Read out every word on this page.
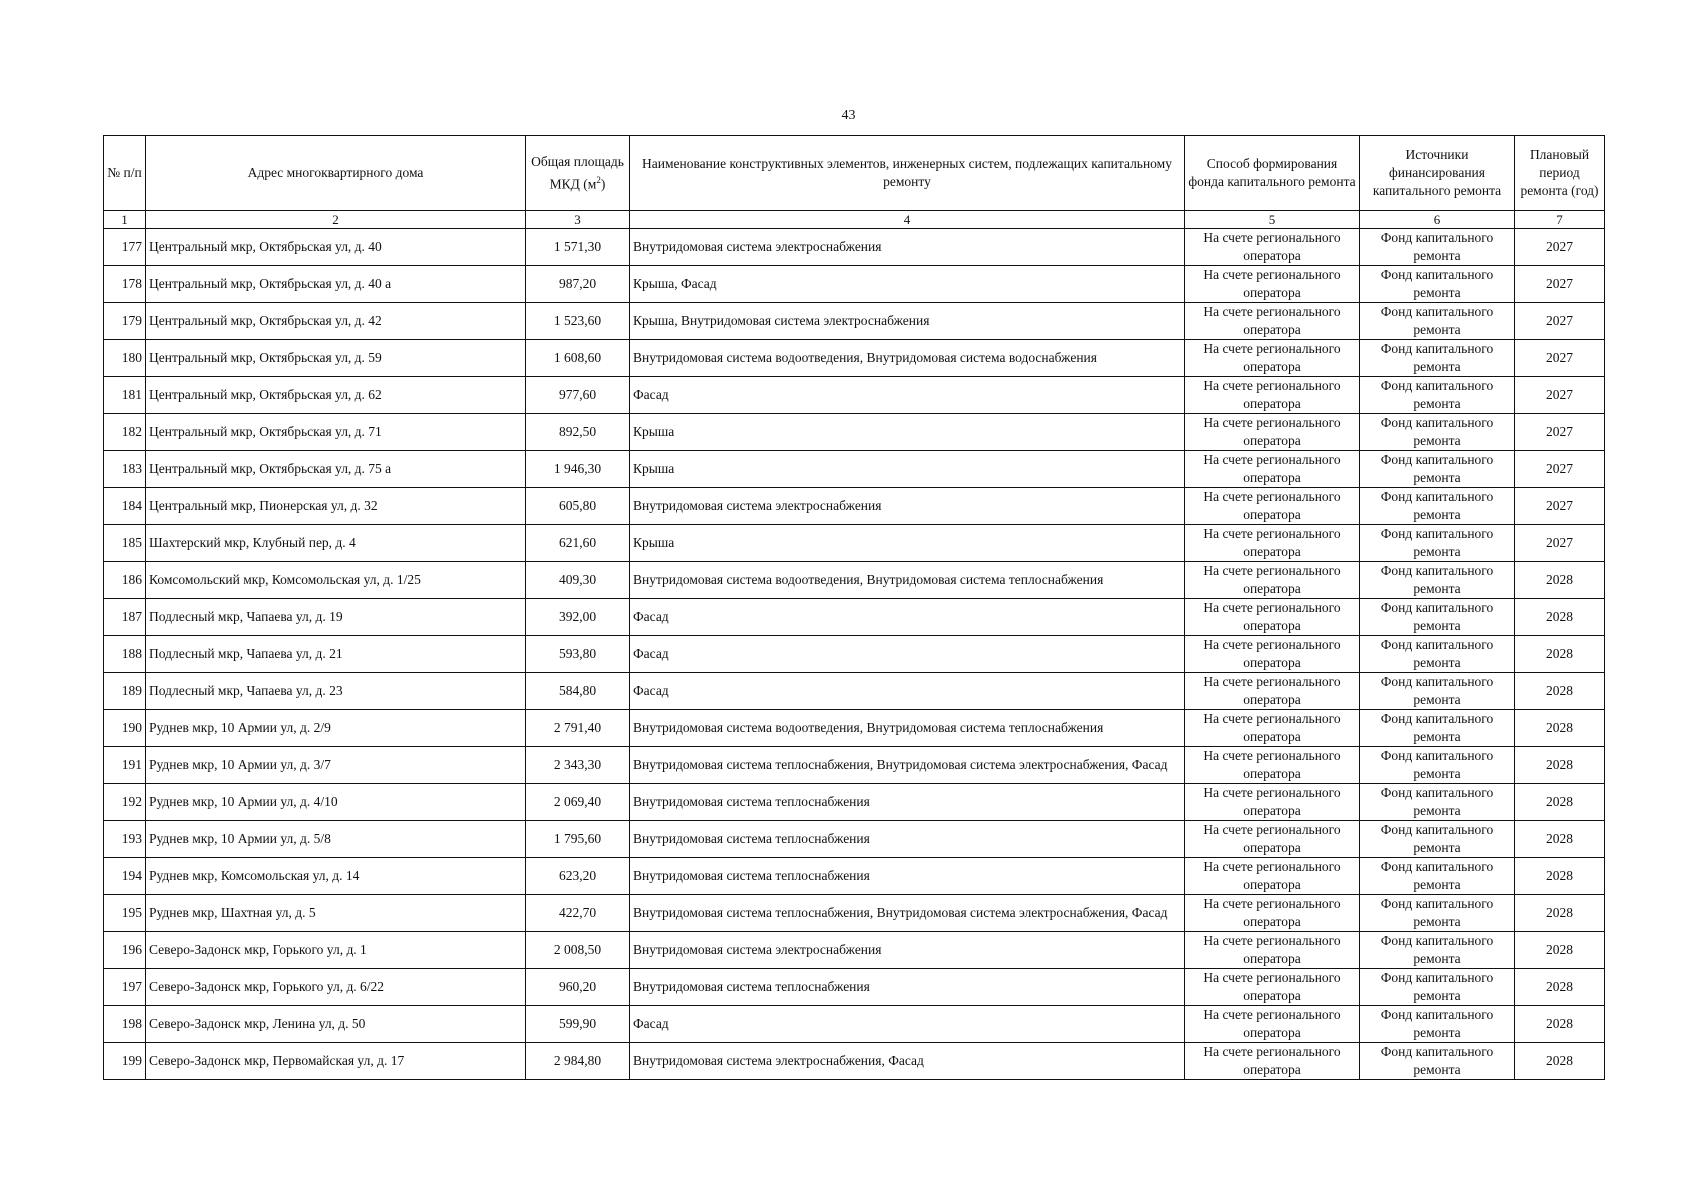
43
№ п/п	Адрес многоквартирного дома	Общая площадь МКД $(м^2)$	Наименование конструктивных элементов, инженерных систем, подлежащих капитальному ремонту	Способ формирования фонда капитального ремонта	Источники финансирования капитального ремонта	Плановый период ремонта (год)
1	2	3	4	5	6	7
177	Центральный мкр, Октябрьская ул, д. 40	1 571,30	Внутридомовая система электроснабжения	На счете регионального оператора	Фонд капитального ремонта	2027
178	Центральный мкр, Октябрьская ул, д. 40 а	987,20	Крыша, Фасад	На счете регионального оператора	Фонд капитального ремонта	2027
179	Центральный мкр, Октябрьская ул, д. 42	1 523,60	Крыша, Внутридомовая система электроснабжения	На счете регионального оператора	Фонд капитального ремонта	2027
180	Центральный мкр, Октябрьская ул, д. 59	1 608,60	Внутридомовая система водоотведения, Внутридомовая система водоснабжения	На счете регионального оператора	Фонд капитального ремонта	2027
181	Центральный мкр, Октябрьская ул, д. 62	977,60	Фасад	На счете регионального оператора	Фонд капитального ремонта	2027
182	Центральный мкр, Октябрьская ул, д. 71	892,50	Крыша	На счете регионального оператора	Фонд капитального ремонта	2027
183	Центральный мкр, Октябрьская ул, д. 75 а	1 946,30	Крыша	На счете регионального оператора	Фонд капитального ремонта	2027
184	Центральный мкр, Пионерская ул, д. 32	605,80	Внутридомовая система электроснабжения	На счете регионального оператора	Фонд капитального ремонта	2027
185	Шахтерский мкр, Клубный пер, д. 4	621,60	Крыша	На счете регионального оператора	Фонд капитального ремонта	2027
186	Комсомольский мкр, Комсомольская ул, д. 1/25	409,30	Внутридомовая система водоотведения, Внутридомовая система теплоснабжения	На счете регионального оператора	Фонд капитального ремонта	2028
187	Подлесный мкр, Чапаева ул, д. 19	392,00	Фасад	На счете регионального оператора	Фонд капитального ремонта	2028
188	Подлесный мкр, Чапаева ул, д. 21	593,80	Фасад	На счете регионального оператора	Фонд капитального ремонта	2028
189	Подлесный мкр, Чапаева ул, д. 23	584,80	Фасад	На счете регионального оператора	Фонд капитального ремонта	2028
190	Руднев мкр, 10 Армии ул, д. 2/9	2 791,40	Внутридомовая система водоотведения, Внутридомовая система теплоснабжения	На счете регионального оператора	Фонд капитального ремонта	2028
191	Руднев мкр, 10 Армии ул, д. 3/7	2 343,30	Внутридомовая система теплоснабжения, Внутридомовая система электроснабжения, Фасад	На счете регионального оператора	Фонд капитального ремонта	2028
192	Руднев мкр, 10 Армии ул, д. 4/10	2 069,40	Внутридомовая система теплоснабжения	На счете регионального оператора	Фонд капитального ремонта	2028
193	Руднев мкр, 10 Армии ул, д. 5/8	1 795,60	Внутридомовая система теплоснабжения	На счете регионального оператора	Фонд капитального ремонта	2028
194	Руднев мкр, Комсомольская ул, д. 14	623,20	Внутридомовая система теплоснабжения	На счете регионального оператора	Фонд капитального ремонта	2028
195	Руднев мкр, Шахтная ул, д. 5	422,70	Внутридомовая система теплоснабжения, Внутридомовая система электроснабжения, Фасад	На счете регионального оператора	Фонд капитального ремонта	2028
196	Северо-Задонск мкр, Горького ул, д. 1	2 008,50	Внутридомовая система электроснабжения	На счете регионального оператора	Фонд капитального ремонта	2028
197	Северо-Задонск мкр, Горького ул, д. 6/22	960,20	Внутридомовая система теплоснабжения	На счете регионального оператора	Фонд капитального ремонта	2028
198	Северо-Задонск мкр, Ленина ул, д. 50	599,90	Фасад	На счете регионального оператора	Фонд капитального ремонта	2028
199	Северо-Задонск мкр, Первомайская ул, д. 17	2 984,80	Внутридомовая система электроснабжения, Фасад	На счете регионального оператора	Фонд капитального ремонта	2028
